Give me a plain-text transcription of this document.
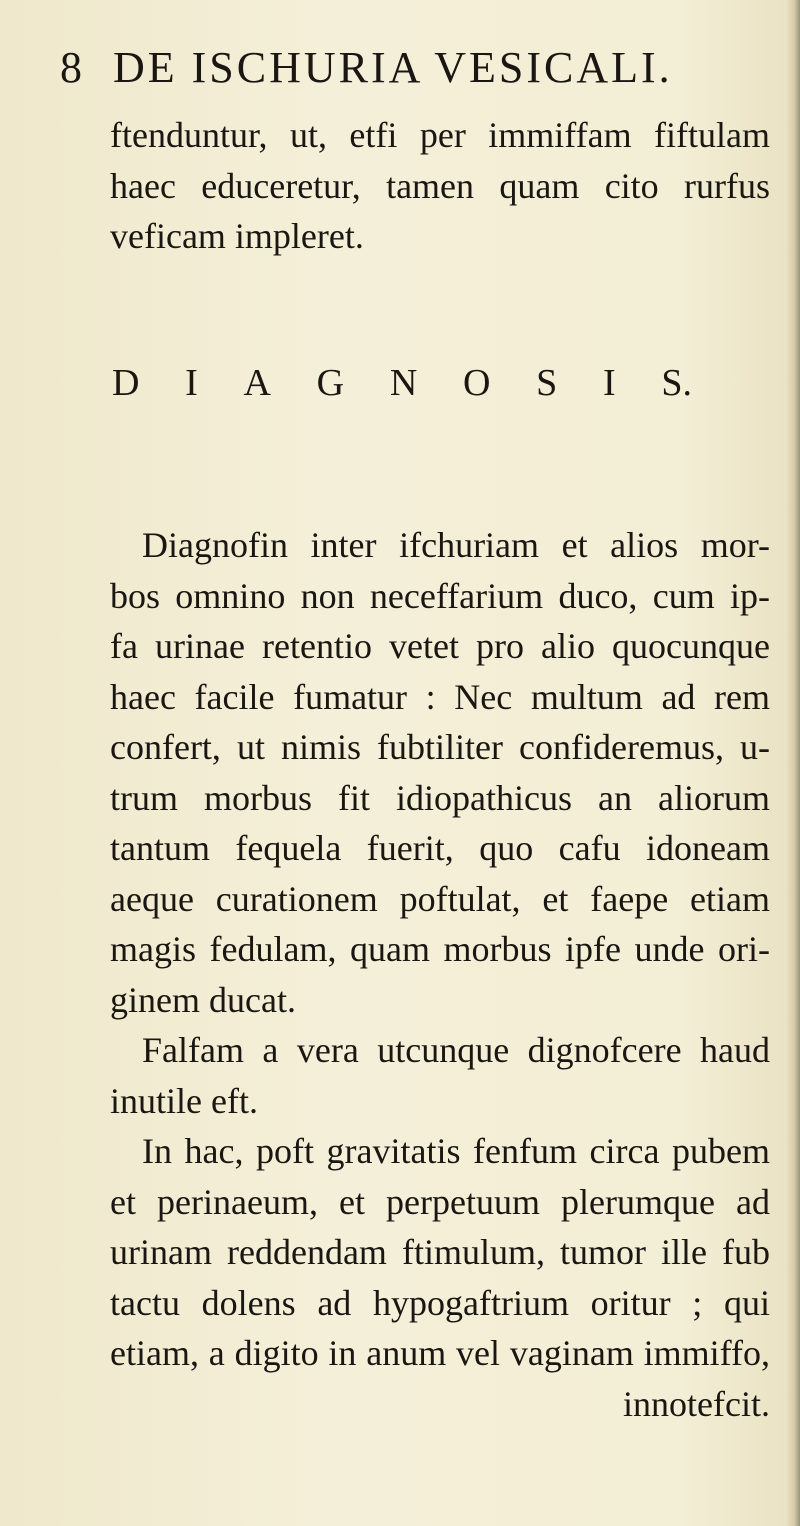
8 DE ISCHURIA VESICALI.
ftenduntur, ut, etfi per immiffam fiftulam
haec educeretur, tamen quam cito rurfus
veficam impleret.
D I A G N O S I S.
Diagnofin inter ifchuriam et alios mor-
bos omnino non neceffarium duco, cum ip-
fa urinae retentio vetet pro alio quocunque
haec facile fumatur : Nec multum ad rem
confert, ut nimis fubtiliter confideremus, u-
trum morbus fit idiopathicus an aliorum
tantum fequela fuerit, quo cafu idoneam
aeque curationem poftulat, et faepe etiam
magis fedulam, quam morbus ipfe unde ori-
ginem ducat.
Falfam a vera utcunque dignofcere haud
inutile eft.
In hac, poft gravitatis fenfum circa pubem
et perinaeum, et perpetuum plerumque ad
urinam reddendam ftimulum, tumor ille fub
tactu dolens ad hypogaftrium oritur ; qui
etiam, a digito in anum vel vaginam immiffo,
innotefcit.
